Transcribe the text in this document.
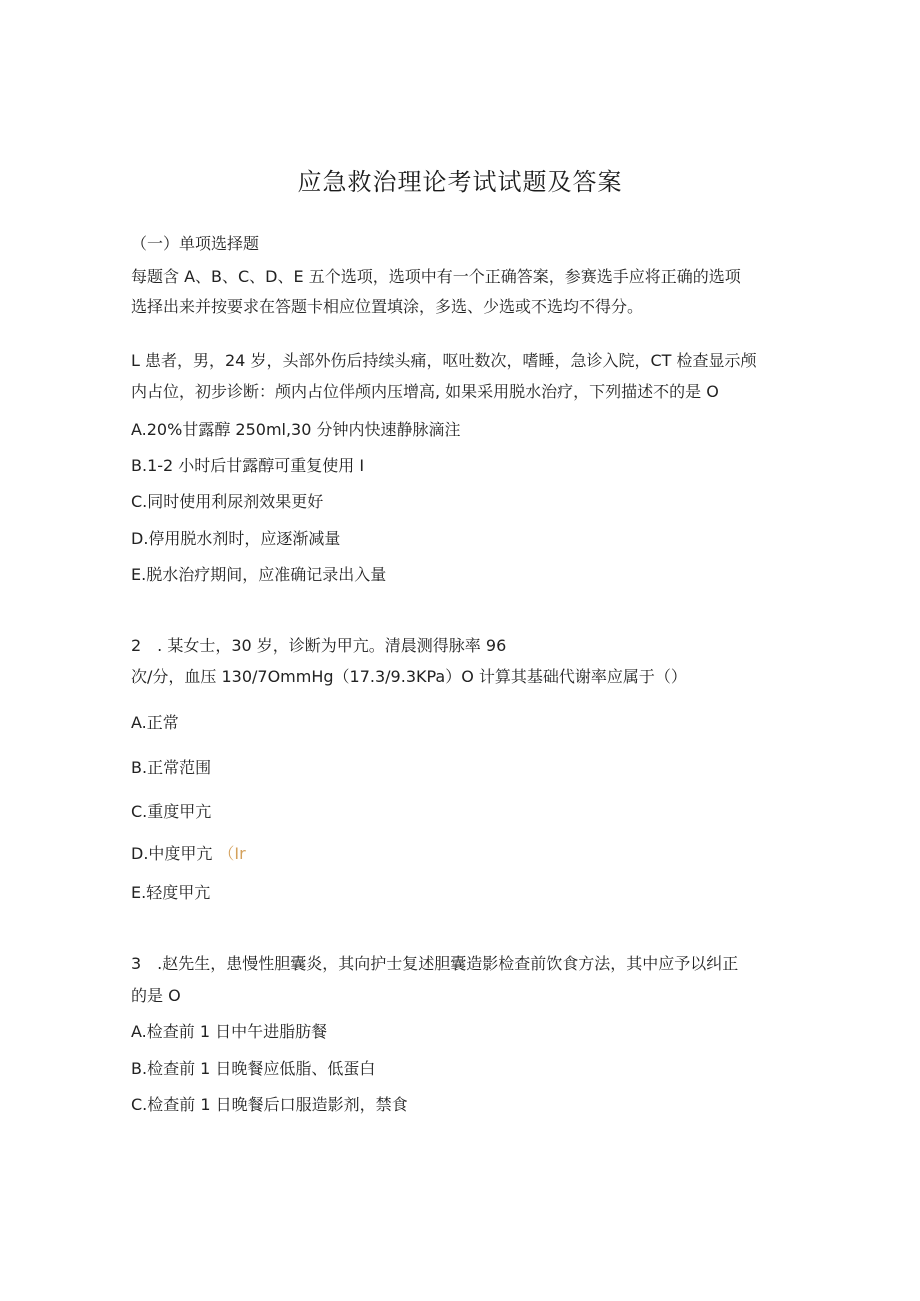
应急救治理论考试试题及答案
（一）单项选择题
每题含 A、B、C、D、E 五个选项，选项中有一个正确答案，参赛选手应将正确的选项
选择出来并按要求在答题卡相应位置填涂，多选、少选或不选均不得分。
L 患者，男，24 岁，头部外伤后持续头痛，呕吐数次，嗜睡，急诊入院，CT 检查显示颅
内占位，初步诊断：颅内占位伴颅内压增高, 如果采用脱水治疗，下列描述不的是 O
A.20%甘露醇 250ml,30 分钟内快速静脉滴注
B.1-2 小时后甘露醇可重复使用 I
C.同时使用利尿剂效果更好
D.停用脱水剂时，应逐渐减量
E.脱水治疗期间，应准确记录出入量
2　. 某女士，30 岁，诊断为甲亢。清晨测得脉率 96
次/分，血压 130/7OmmHg（17.3/9.3KPa）O 计算其基础代谢率应属于（）
A.正常
B.正常范围
C.重度甲亢
D.中度甲亢 （Ir
E.轻度甲亢
3　.赵先生，患慢性胆囊炎，其向护士复述胆囊造影检查前饮食方法，其中应予以纠正
的是 O
A.检查前 1 日中午进脂肪餐
B.检查前 1 日晚餐应低脂、低蛋白
C.检查前 1 日晚餐后口服造影剂，禁食
